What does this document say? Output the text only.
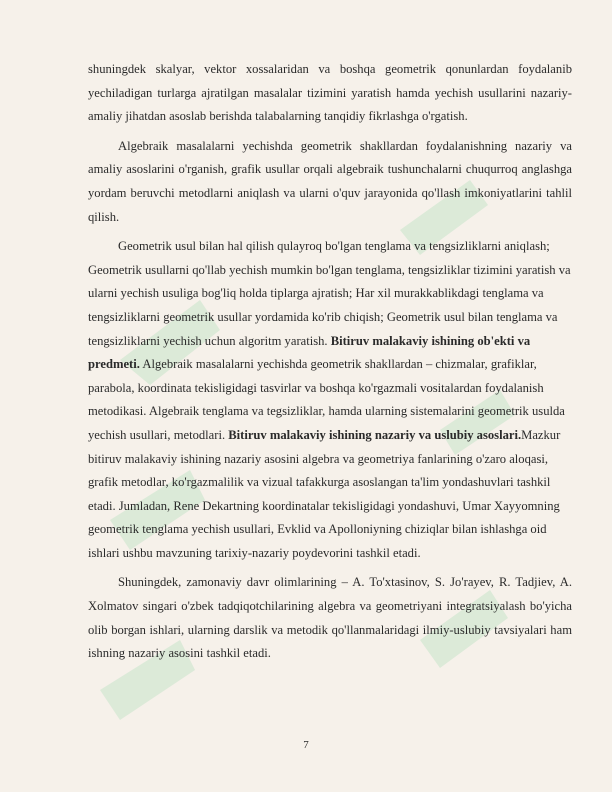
shuningdek skalyar, vektor xossalaridan va boshqa geometrik qonunlardan foydalanib yechiladigan turlarga ajratilgan masalalar tizimini yaratish hamda yechish usullarini nazariy-amaliy jihatdan asoslab berishda talabalarning tanqidiy fikrlashga o'rgatish.

Algebraik masalalarni yechishda geometrik shakllardan foydalanishning nazariy va amaliy asoslarini o'rganish, grafik usullar orqali algebraik tushunchalarni chuqurroq anglashga yordam beruvchi metodlarni aniqlash va ularni o'quv jarayonida qo'llash imkoniyatlarini tahlil qilish.

Geometrik usul bilan hal qilish qulayroq bo'lgan tenglama va tengsizliklarni aniqlash; Geometrik usullarni qo'llab yechish mumkin bo'lgan tenglama, tengsizliklar tizimini yaratish va ularni yechish usuliga bog'liq holda tiplarga ajratish; Har xil murakkablikdagi tenglama va tengsizliklarni geometrik usullar yordamida ko'rib chiqish; Geometrik usul bilan tenglama va tengsizliklarni yechish uchun algoritm yaratish. Bitiruv malakaviy ishining ob'ekti va predmeti. Algebraik masalalarni yechishda geometrik shakllardan – chizmalar, grafiklar, parabola, koordinata tekisligidagi tasvirlar va boshqa ko'rgazmali vositalardan foydalanish metodikasi. Algebraik tenglama va tegsizliklar, hamda ularning sistemalarini geometrik usulda yechish usullari, metodlari. Bitiruv malakaviy ishining nazariy va uslubiy asoslari.Mazkur bitiruv malakaviy ishining nazariy asosini algebra va geometriya fanlarining o'zaro aloqasi, grafik metodlar, ko'rgazmalilik va vizual tafakkurga asoslangan ta'lim yondashuvlari tashkil etadi. Jumladan, Rene Dekartning koordinatalar tekisligidagi yondashuvi, Umar Xayyomning geometrik tenglama yechish usullari, Evklid va Apolloniyning chiziqlar bilan ishlashga oid ishlari ushbu mavzuning tarixiy-nazariy poydevorini tashkil etadi.

Shuningdek, zamonaviy davr olimlarining – A. To'xtasinov, S. Jo'rayev, R. Tadjiev, A. Xolmatov singari o'zbek tadqiqotchilarining algebra va geometriyani integratsiyalash bo'yicha olib borgan ishlari, ularning darslik va metodik qo'llanmalaridagi ilmiy-uslubiy tavsiyalari ham ishning nazariy asosini tashkil etadi.

7
